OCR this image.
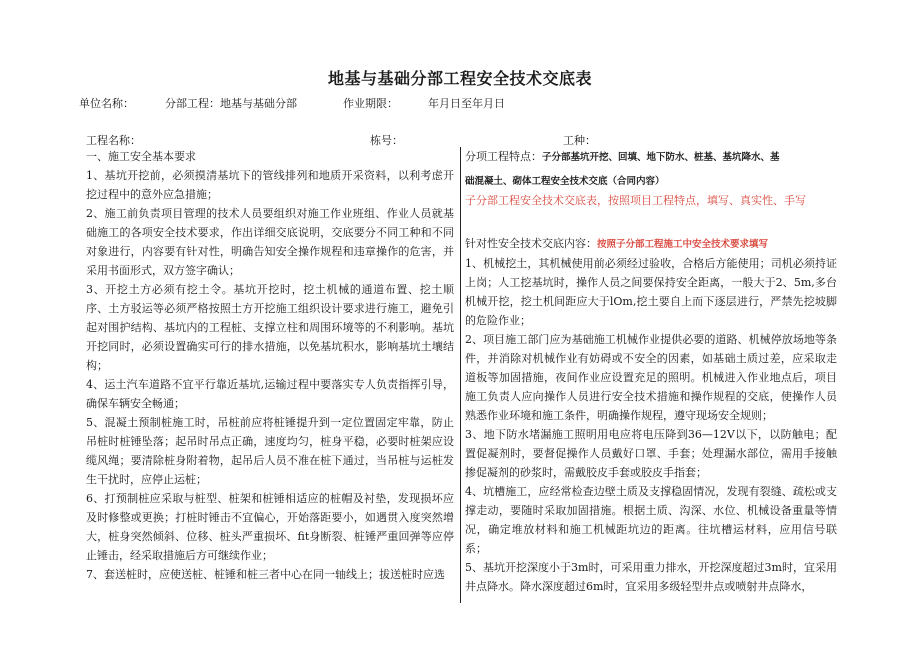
地基与基础分部工程安全技术交底表
单位名称：	分部工程：地基与基础分部	作业期限：	年月日至年月日
工程名称：	栋号：	工种：

一、施工安全基本要求

1、基坑开挖前，必须摸清基坑下的管线排列和地质开采资料，以利考虑开挖过程中的意外应急措施；

2、施工前负责项目管理的技术人员要组织对施工作业班组、作业人员就基础施工的各项安全技术要求，作出详细交底说明，交底要分不同工种和不同对象进行，内容要有针对性，明确告知安全操作规程和违章操作的危害，并采用书面形式，双方签字确认；

3、开挖土方必须有挖土令。基坑开挖时，挖土机械的通道布置、挖土顺序、土方驳运等必须严格按照土方开挖施工组织设计要求进行施工，避免引起对围护结构、基坑内的工程桩、支撑立柱和周围环境等的不利影响。基坑开挖同时，必须设置确实可行的排水措施，以免基坑积水，影响基坑土壤结构；

4、运土汽车道路不宜平行靠近基坑,运输过程中要落实专人负责指挥引导，确保车辆安全畅通；

5、混凝土预制桩施工时，吊桩前应将桩锤提升到一定位置固定牢靠，防止吊桩时桩锤坠落；起吊时吊点正确，速度均匀，桩身平稳，必要时桩架应设缆风绳；要清除桩身附着物，起吊后人员不准在桩下通过，当吊桩与运桩发生干扰时，应停止运桩；

6、打预制桩应采取与桩型、桩架和桩锤相适应的桩帽及衬垫，发现损坏应及时修整或更换；打桩时锤击不宜偏心，开始落距要小，如遇贯入度突然增大，桩身突然倾斜、位移、桩头严重损坏、fit身断裂、桩锤严重回弹等应停止锤击，经采取措施后方可继续作业；

7、套送桩时，应使送桩、桩锤和桩三者中心在同一轴线上；拔送桩时应选

分项工程特点：子分部基坑开挖、回填、地下防水、桩基、基坑降水、基

础混凝土、砌体工程安全技术交底（合同内容）

子分部工程安全技术交底表，按照项目工程特点，填写、真实性、手写

针对性安全技术交底内容：按照子分部工程施工中安全技术要求填写

1、机械挖土，其机械使用前必须经过验收，合格后方能使用；司机必须持证上岗；人工挖基坑时，操作人员之间要保持安全距离，一般大于2、5m,多台机械开挖，挖土机间距应大于lOm,挖土要自上而下逐层进行，严禁先挖坡脚的危险作业；

2、项目施工部门应为基础施工机械作业提供必要的道路、机械停放场地等条件，并消除对机械作业有妨碍或不安全的因素，如基础土质过差，应采取走道板等加固措施，夜间作业应设置充足的照明。机械进入作业地点后，项目施工负责人应向操作人员进行安全技术措施和操作规程的交底，使操作人员熟悉作业环境和施工条件，明确操作规程，遵守现场安全规则；

3、地下防水堵漏施工照明用电应将电压降到36—12V以下，以防触电；配置促凝剂时，要督促操作人员戴好口罩、手套；处理漏水部位，需用手接触掺促凝剂的砂浆时，需戴胶皮手套或胶皮手指套；

4、坑槽施工，应经常检查边壁土质及支撑稳固情况，发现有裂缝、疏松或支撑走动，要随时采取加固措施。根据土质、沟深、水位、机械设备重量等情况，确定堆放材料和施工机械距坑边的距离。往坑槽运材料，应用信号联系；

5、基坑开挖深度小于3m时，可采用重力排水，开挖深度超过3m时，宜采用井点降水。降水深度超过6m时，宜采用多级轻型井点或喷射井点降水，
